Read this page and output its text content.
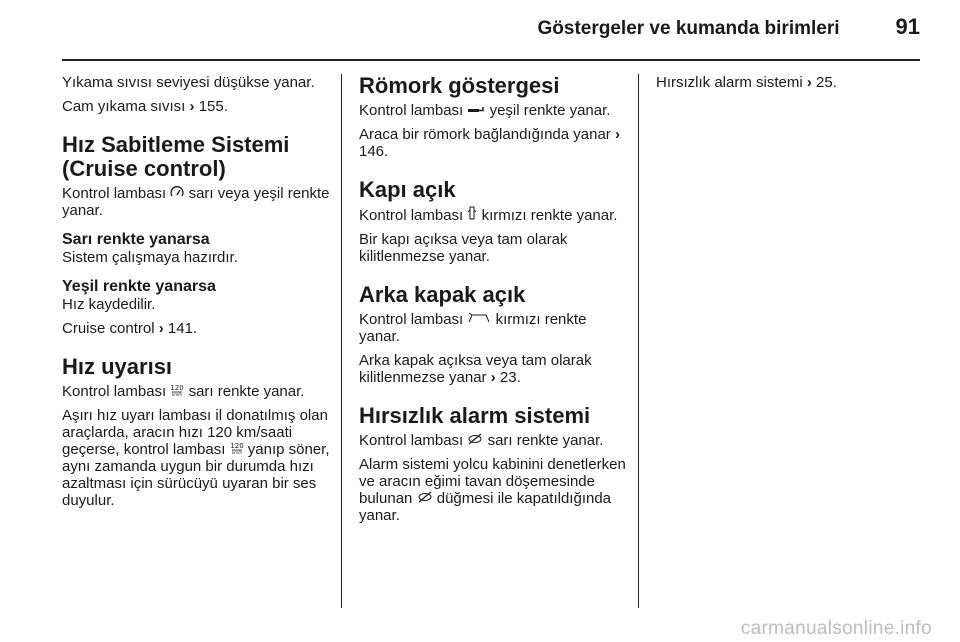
Göstergeler ve kumanda birimleri	91

Yıkama sıvısı seviyesi düşükse yanar.

Cam yıkama sıvısı › 155.

Hız Sabitleme Sistemi (Cruise control)

Kontrol lambası sarı veya yeşil renkte yanar.

Sarı renkte yanarsa

Sistem çalışmaya hazırdır.

Yeşil renkte yanarsa

Hız kaydedilir.

Cruise control › 141.

Hız uyarısı

Kontrol lambası 120
km/h sarı renkte yanar.

Aşırı hız uyarı lambası il donatılmış olan araçlarda, aracın hızı 120 km/saati geçerse, kontrol lambası 120
km/h yanıp söner, aynı zamanda uygun bir durumda hızı azaltması için sürücüyü uyaran bir ses duyulur.

Römork göstergesi

Kontrol lambası yeşil renkte yanar.

Araca bir römork bağlandığında yanar  › 146.

Kapı açık

Kontrol lambası kırmızı renkte yanar.

Bir kapı açıksa veya tam olarak kilitlenmezse yanar.

Arka kapak açık

Kontrol lambası kırmızı renkte yanar.

Arka kapak açıksa veya tam olarak kilitlenmezse yanar › 23.

Hırsızlık alarm sistemi

Kontrol lambası sarı renkte yanar.

Alarm sistemi yolcu kabinini denetlerken ve aracın eğimi tavan döşemesinde bulunan düğmesi ile kapatıldığında yanar.

Hırsızlık alarm sistemi › 25.

carmanualsonline.info
